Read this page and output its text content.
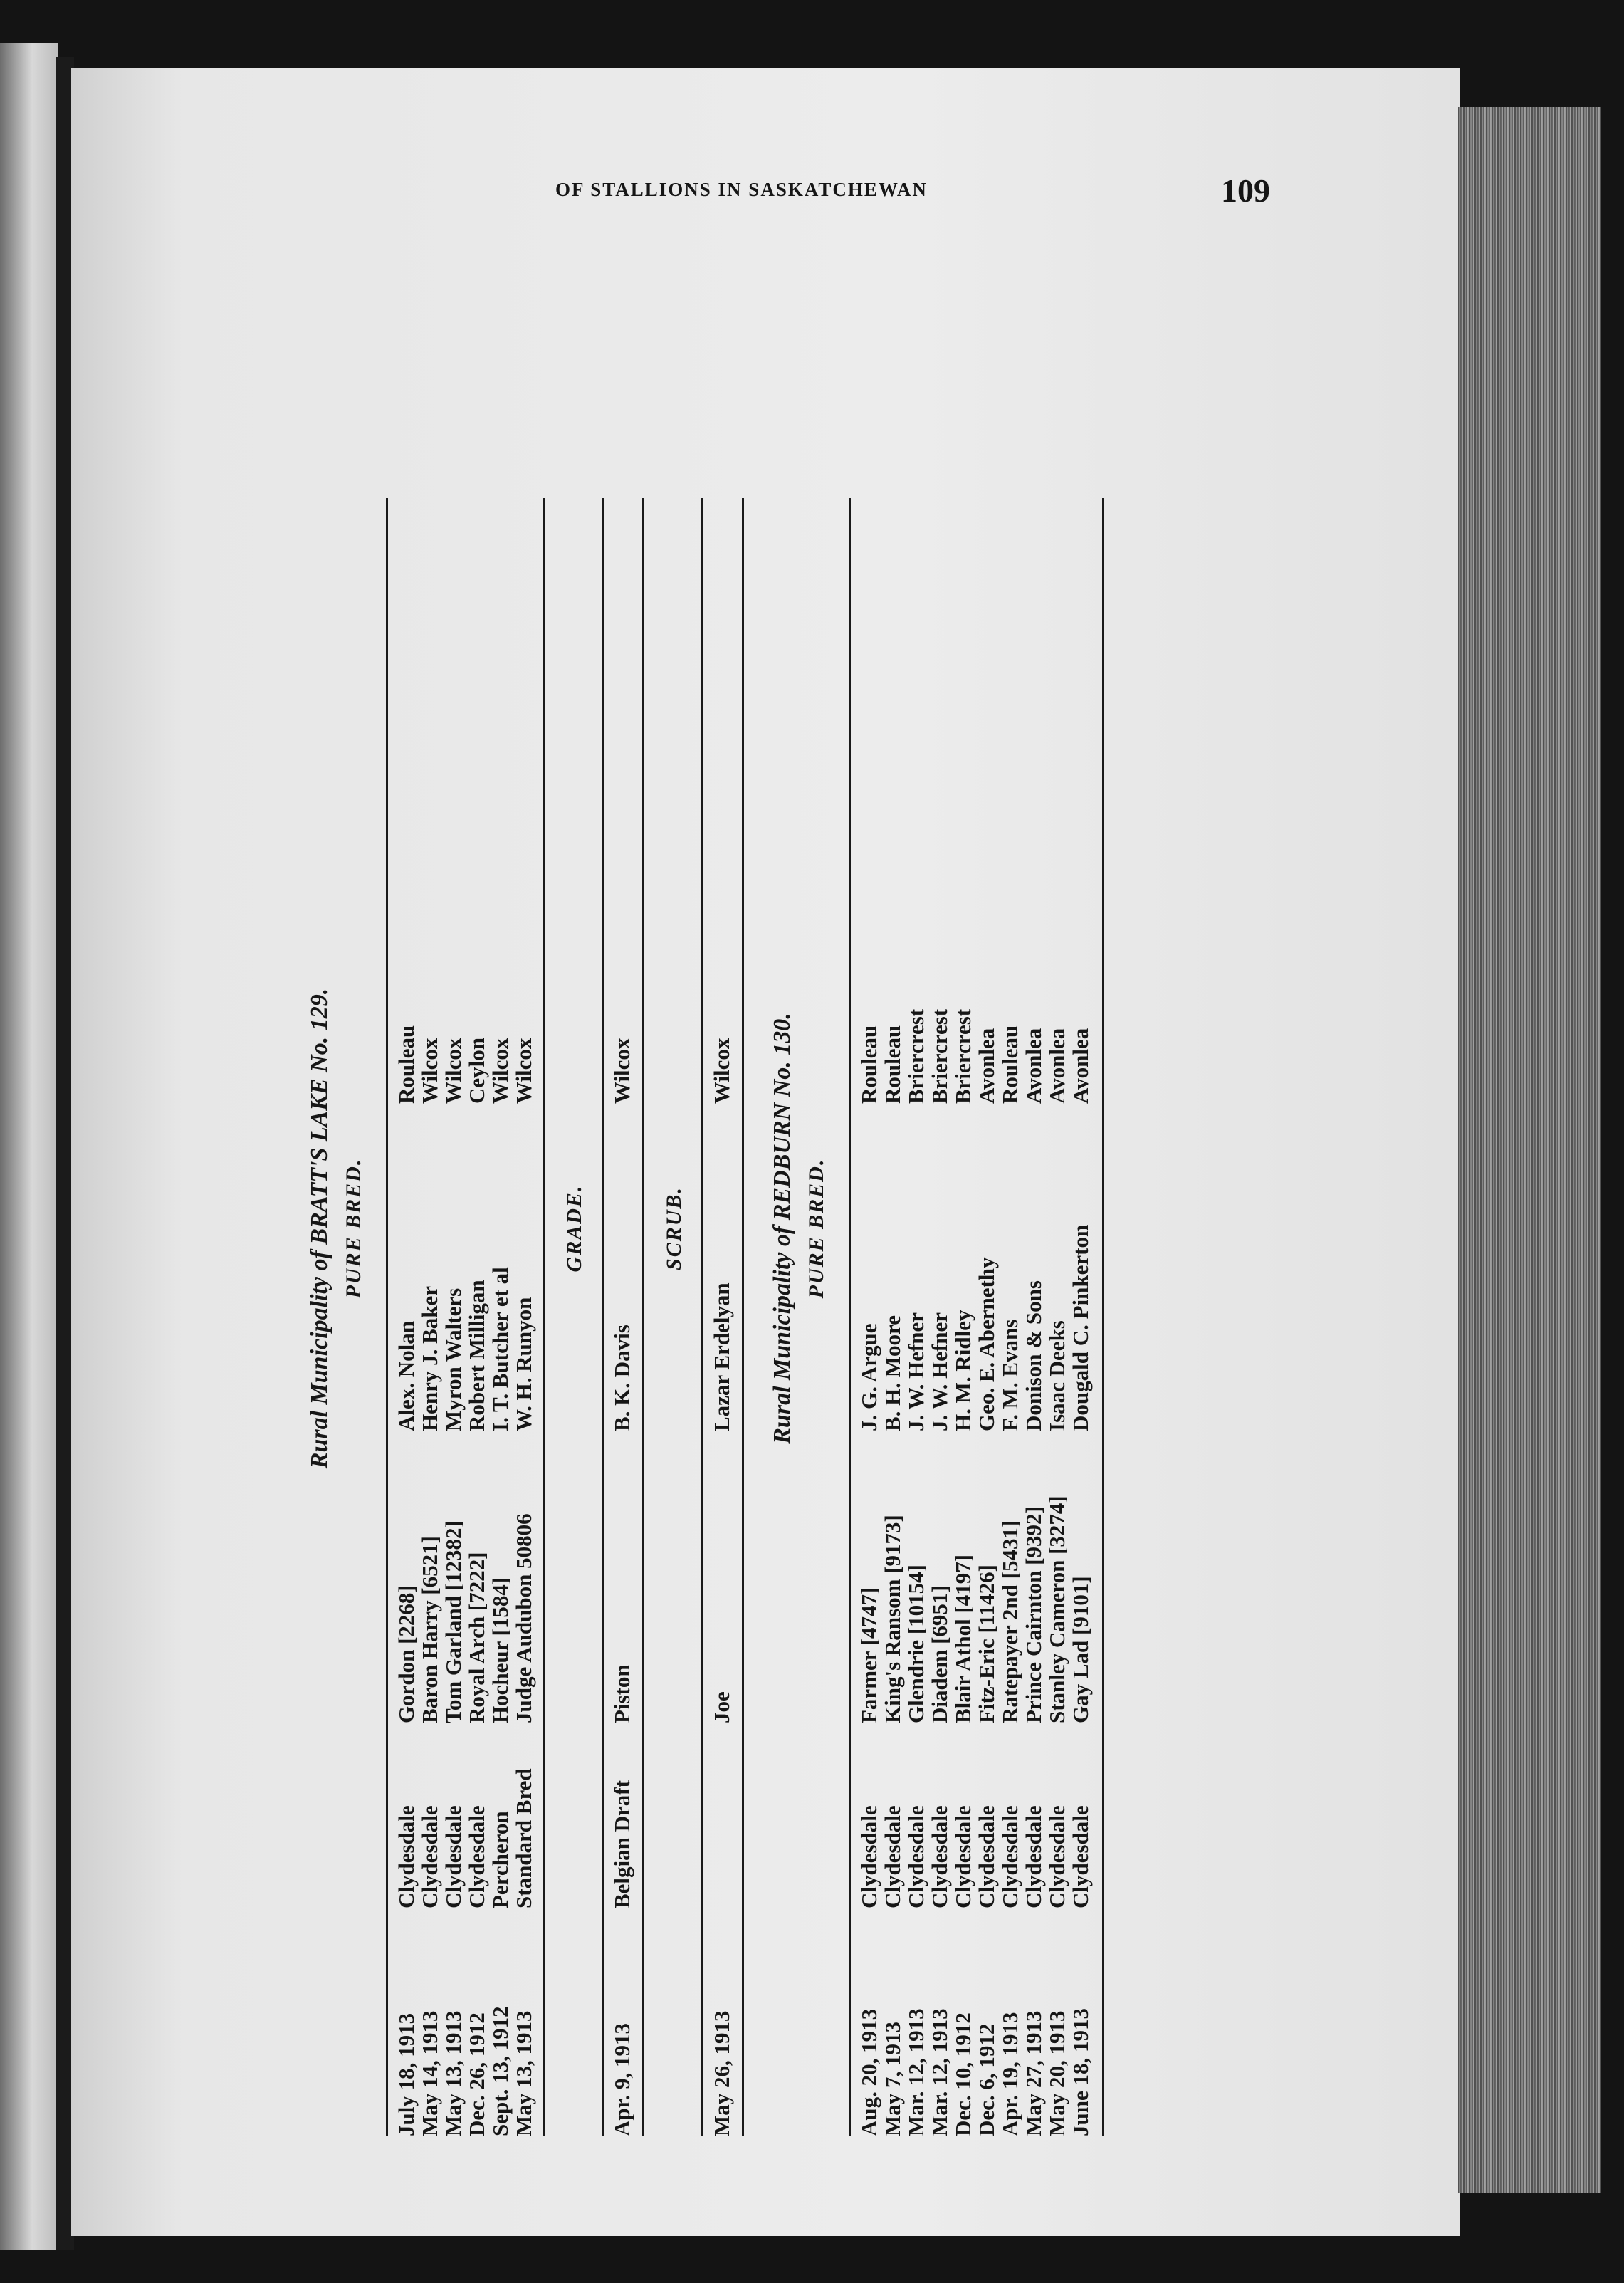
OF STALLIONS IN SASKATCHEWAN	109
Rural Municipality of BRATT'S LAKE No. 129. PURE BRED.
July 18, 1913
Clydesdale
Gordon [2268]
Alex. Nolan
Rouleau
May 14, 1913
Clydesdale
Baron Harry [6521]
Henry J. Baker
Wilcox
May 13, 1913
Clydesdale
Tom Garland [12382]
Myron Walters
Wilcox
Dec. 26, 1912
Clydesdale
Royal Arch [7222]
Robert Milligan
Ceylon
Sept. 13, 1912
Percheron
Hocheur [1584]
I. T. Butcher et al
Wilcox
May 13, 1913
Standard Bred
Judge Audubon 50806
W. H. Runyon
Wilcox
GRADE.
Apr. 9, 1913
Belgian Draft
Piston
B. K. Davis
Wilcox
SCRUB.
May 26, 1913
Joe
Lazar Erdelyan
Wilcox Rural Municipality of REDBURN No. 130. PURE BRED.
Aug. 20, 1913
Clydesdale
Farmer [4747]
J. G. Argue
Rouleau
May 7, 1913
Clydesdale
King's Ransom [9173]
B. H. Moore
Rouleau
Mar. 12, 1913
Clydesdale
Glendrie [10154]
J. W. Hefner
Briercrest
Mar. 12, 1913
Clydesdale
Diadem [6951]
J. W. Hefner
Briercrest
Dec. 10, 1912
Clydesdale
Blair Athol [4197]
H. M. Ridley
Briercrest
Dec. 6, 1912
Clydesdale
Fitz-Eric [11426]
Geo. E. Abernethy
Avonlea
Apr. 19, 1913
Clydesdale
Ratepayer 2nd [5431]
F. M. Evans
Rouleau
May 27, 1913
Clydesdale
Prince Cairnton [9392]
Donison & Sons
Avonlea
May 20, 1913
Clydesdale
Stanley Cameron [3274]
Isaac Deeks
Avonlea
June 18, 1913
Clydesdale
Gay Lad [9101]
Dougald C. Pinkerton
Avonlea
